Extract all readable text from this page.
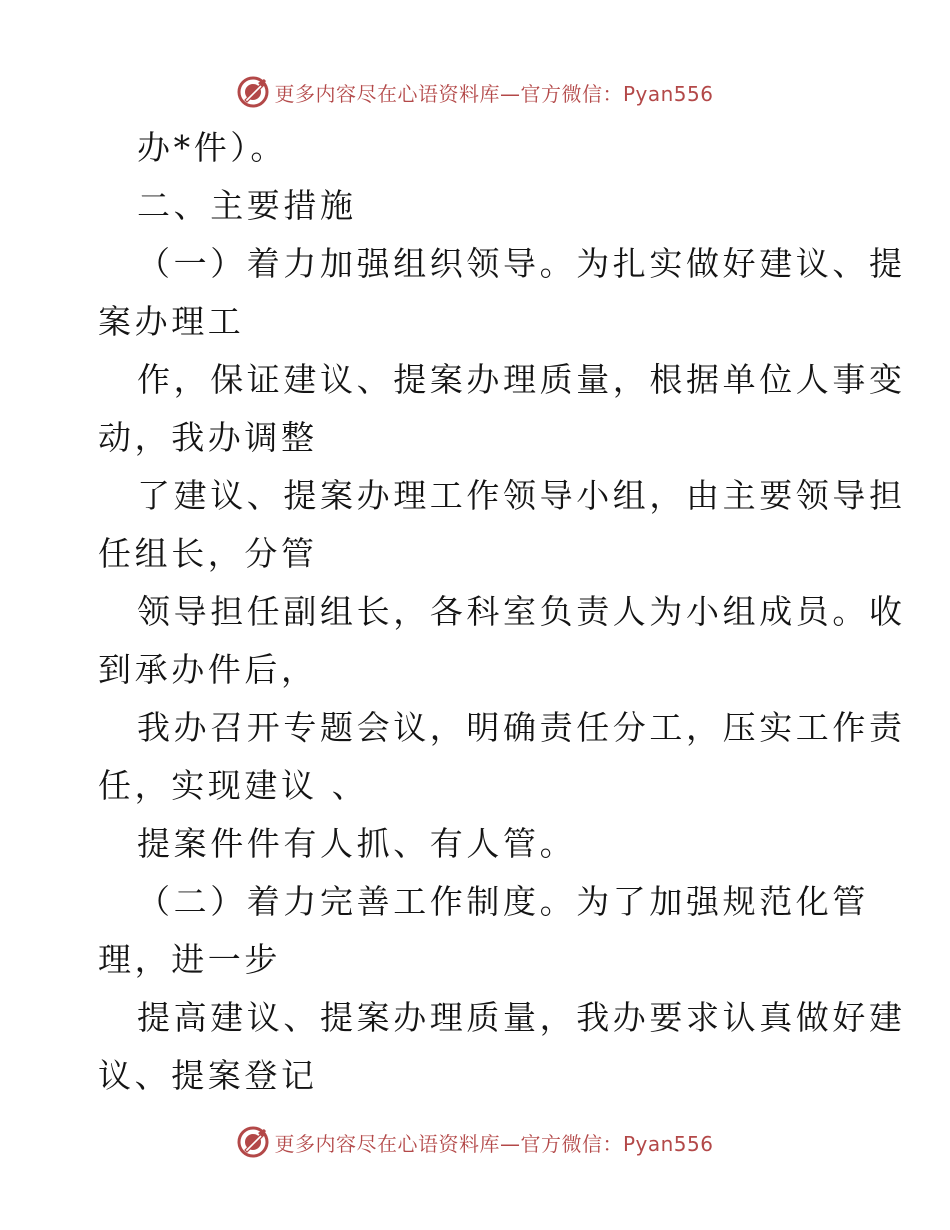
更多内容尽在心语资料库—官方微信：Pyan556
办*件）。
二、主要措施
（一）着力加强组织领导。为扎实做好建议、提
案办理工
作，保证建议、提案办理质量，根据单位人事变
动，我办调整
了建议、提案办理工作领导小组，由主要领导担
任组长，分管
领导担任副组长，各科室负责人为小组成员。收
到承办件后，
我办召开专题会议，明确责任分工，压实工作责
任，实现建议 、
提案件件有人抓、有人管。
（二）着力完善工作制度。为了加强规范化管
理，进一步
提高建议、提案办理质量，我办要求认真做好建
议、提案登记
更多内容尽在心语资料库—官方微信：Pyan556
